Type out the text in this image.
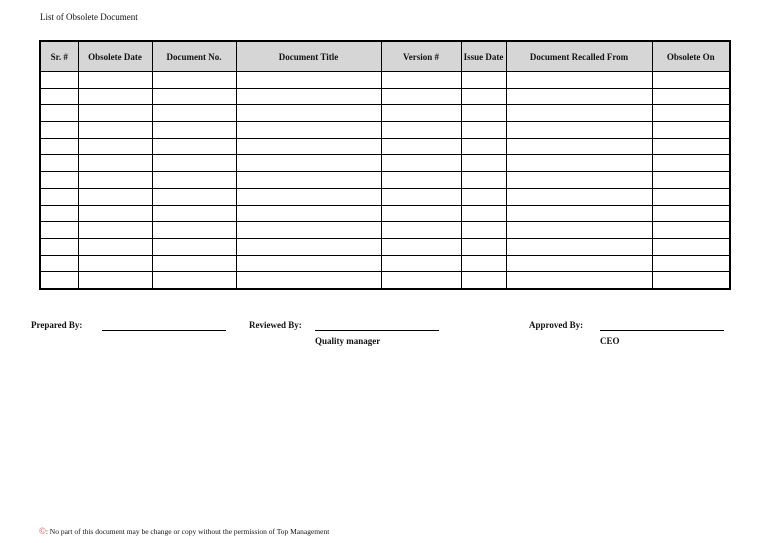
List of Obsolete Document
Sr. #	Obsolete Date	Document No.	Document Title	Version #	Issue Date	Document Recalled From	Obsolete On

Prepared By:	Reviewed By:
Quality manager
Approved By:
CEO
©: No part of this document may be change or copy without the permission of Top Management
